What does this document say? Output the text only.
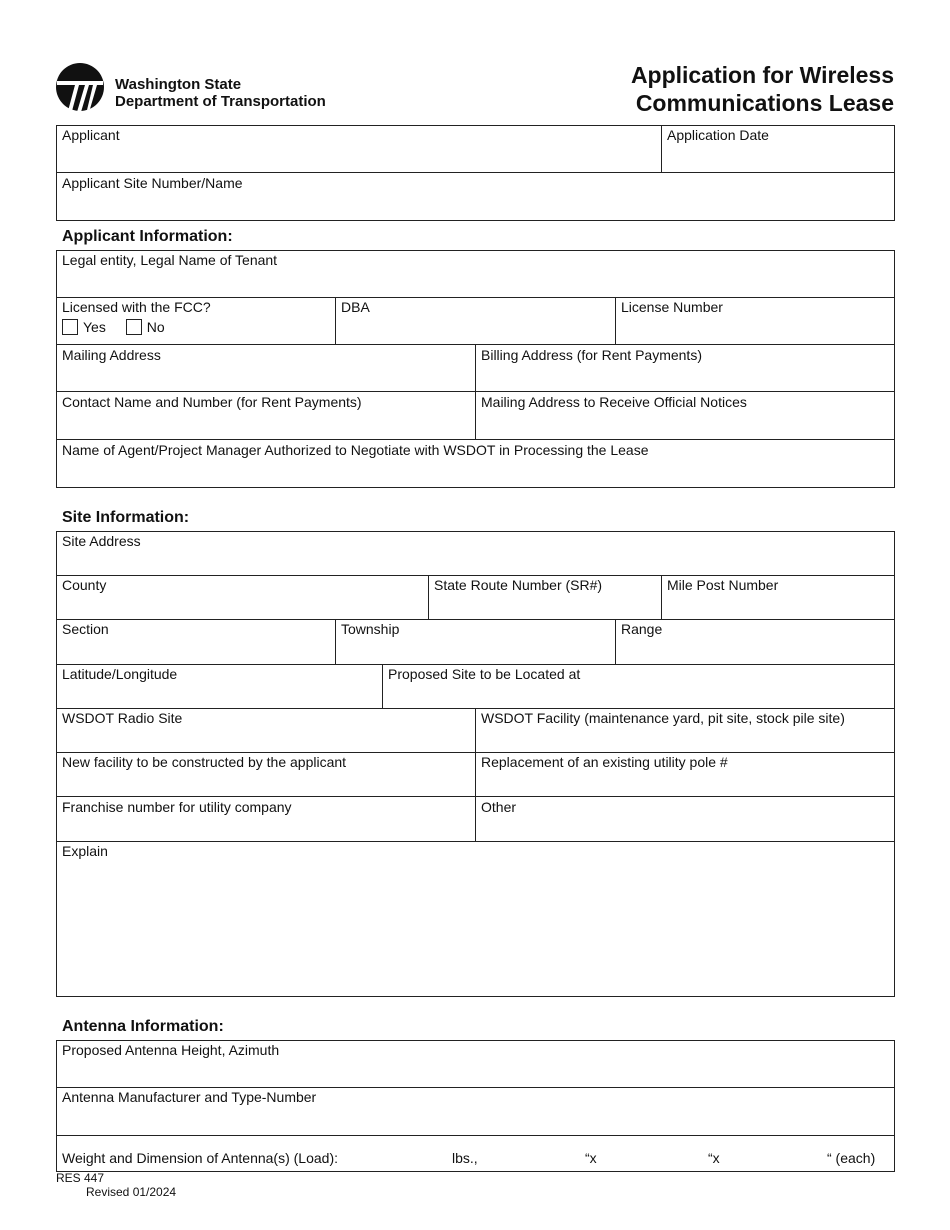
Washington State
Department of Transportation
Application for Wireless
Communications Lease
Applicant	Application Date
Applicant Site Number/Name
Applicant Information:
Legal entity, Legal Name of Tenant
Licensed with the FCC?
Yes	No
DBA	License Number
Mailing Address	Billing Address (for Rent Payments)
Contact Name and Number (for Rent Payments)	Mailing Address to Receive Official Notices
Name of Agent/Project Manager Authorized to Negotiate with WSDOT in Processing the Lease
Site Information:
Site Address
County	State Route Number (SR#)	Mile Post Number
Section	Township	Range
Latitude/Longitude	Proposed Site to be Located at
WSDOT Radio Site	WSDOT Facility (maintenance yard, pit site, stock pile site)
New facility to be constructed by the applicant	Replacement of an existing utility pole #
Franchise number for utility company	Other
Explain
Antenna Information:
Proposed Antenna Height, Azimuth
Antenna Manufacturer and Type-Number
Weight and Dimension of Antenna(s) (Load):	lbs.,	“x	“x	“ (each)
RES 447
Revised 01/2024
